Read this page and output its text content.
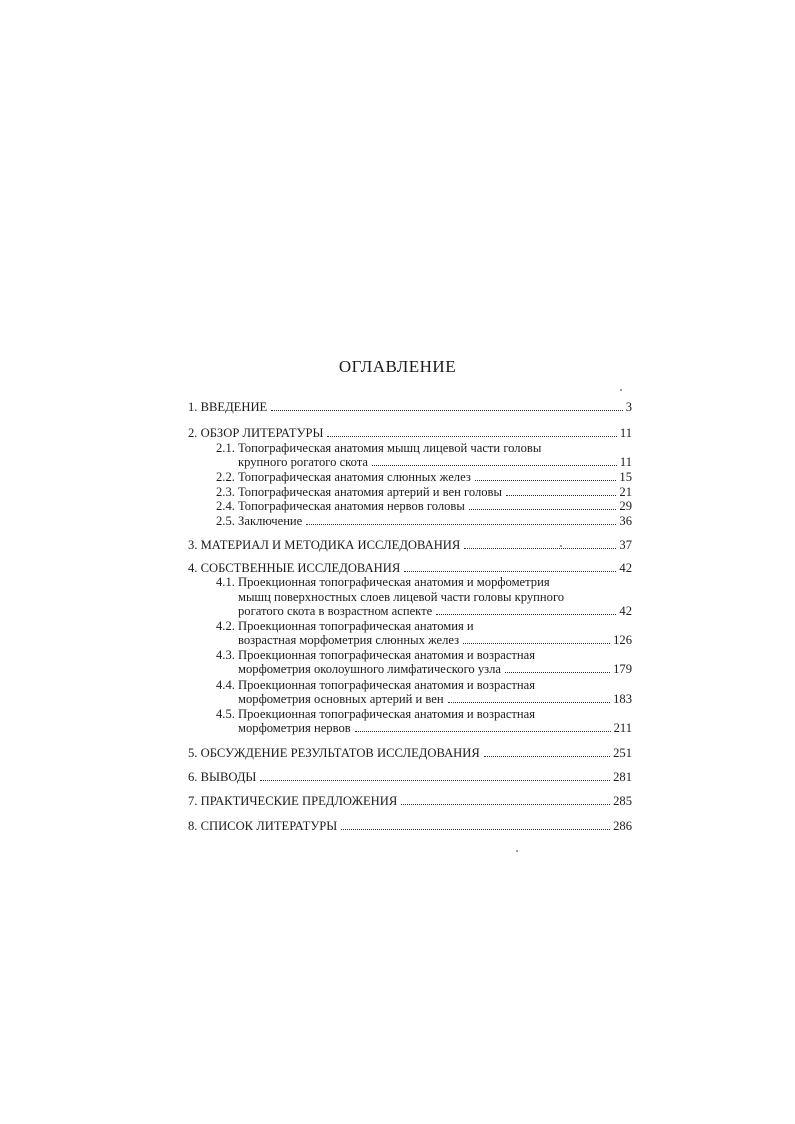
ОГЛАВЛЕНИЕ
1. ВВЕДЕНИЕ	3
2. ОБЗОР ЛИТЕРАТУРЫ	11
2.1. Топографическая анатомия мышц лицевой части головы
крупного рогатого скота	11
2.2. Топографическая анатомия слюнных желез	15
2.3. Топографическая анатомия артерий и вен головы	21
2.4. Топографическая анатомия нервов головы	29
2.5. Заключение	36
3. МАТЕРИАЛ И МЕТОДИКА ИССЛЕДОВАНИЯ	37
4. СОБСТВЕННЫЕ ИССЛЕДОВАНИЯ	42
4.1. Проекционная топографическая анатомия и морфометрия
мышц поверхностных слоев лицевой части головы крупного
рогатого скота в возрастном аспекте	42
4.2. Проекционная топографическая анатомия и
возрастная морфометрия слюнных желез	126
4.3. Проекционная топографическая анатомия и возрастная
морфометрия околоушного лимфатического узла	179
4.4. Проекционная топографическая анатомия и возрастная
морфометрия основных артерий и вен	183
4.5. Проекционная топографическая анатомия и возрастная
морфометрия нервов	211
5. ОБСУЖДЕНИЕ РЕЗУЛЬТАТОВ ИССЛЕДОВАНИЯ	251
6. ВЫВОДЫ	281
7. ПРАКТИЧЕСКИЕ ПРЕДЛОЖЕНИЯ	285
8. СПИСОК ЛИТЕРАТУРЫ	286
